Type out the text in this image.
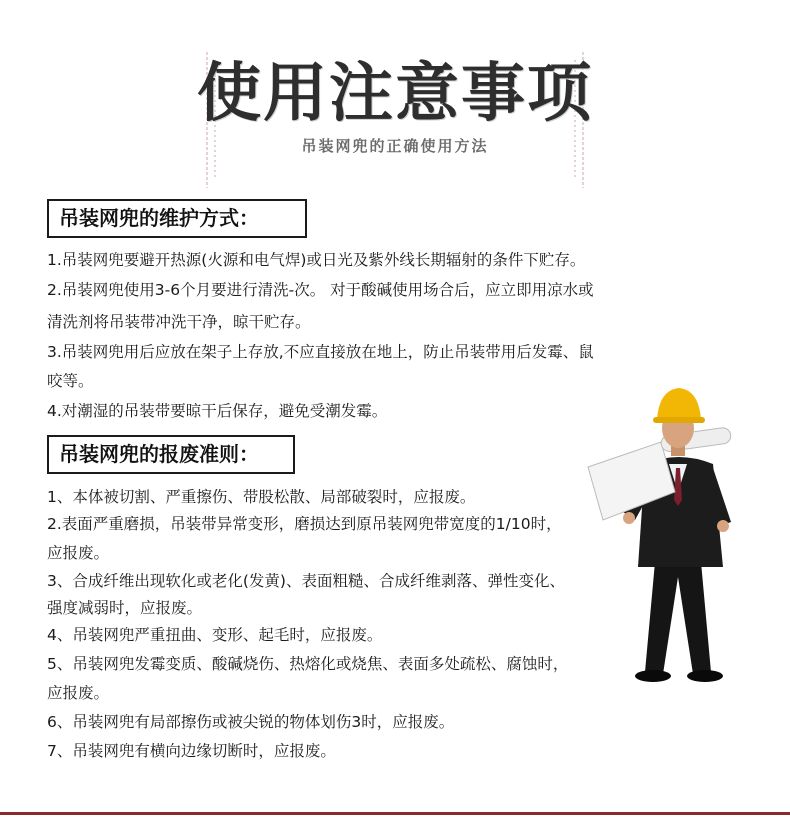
使用注意事项
吊装网兜的正确使用方法
吊装网兜的维护方式：
1.吊装网兜要避开热源(火源和电气焊)或日光及紫外线长期辐射的条件下贮存。
2.吊装网兜使用3-6个月要进行清洗-次。 对于酸碱使用场合后，应立即用凉水或
清洗剂将吊装带冲洗干净，晾干贮存。
3.吊装网兜用后应放在架子上存放,不应直接放在地上，防止吊装带用后发霉、鼠
咬等。
4.对潮湿的吊装带要晾干后保存，避免受潮发霉。
吊装网兜的报废准则：
1、本体被切割、严重擦伤、带股松散、局部破裂时，应报废。
2.表面严重磨损，吊装带异常变形，磨损达到原吊装网兜带宽度的1/10时，
应报废。
3、合成纤维出现软化或老化(发黄)、表面粗糙、合成纤维剥落、弹性变化、
强度减弱时，应报废。
4、吊装网兜严重扭曲、变形、起毛时，应报废。
5、吊装网兜发霉变质、酸碱烧伤、热熔化或烧焦、表面多处疏松、腐蚀时，
应报废。
6、吊装网兜有局部擦伤或被尖锐的物体划伤3时，应报废。
7、吊装网兜有横向边缘切断时，应报废。
